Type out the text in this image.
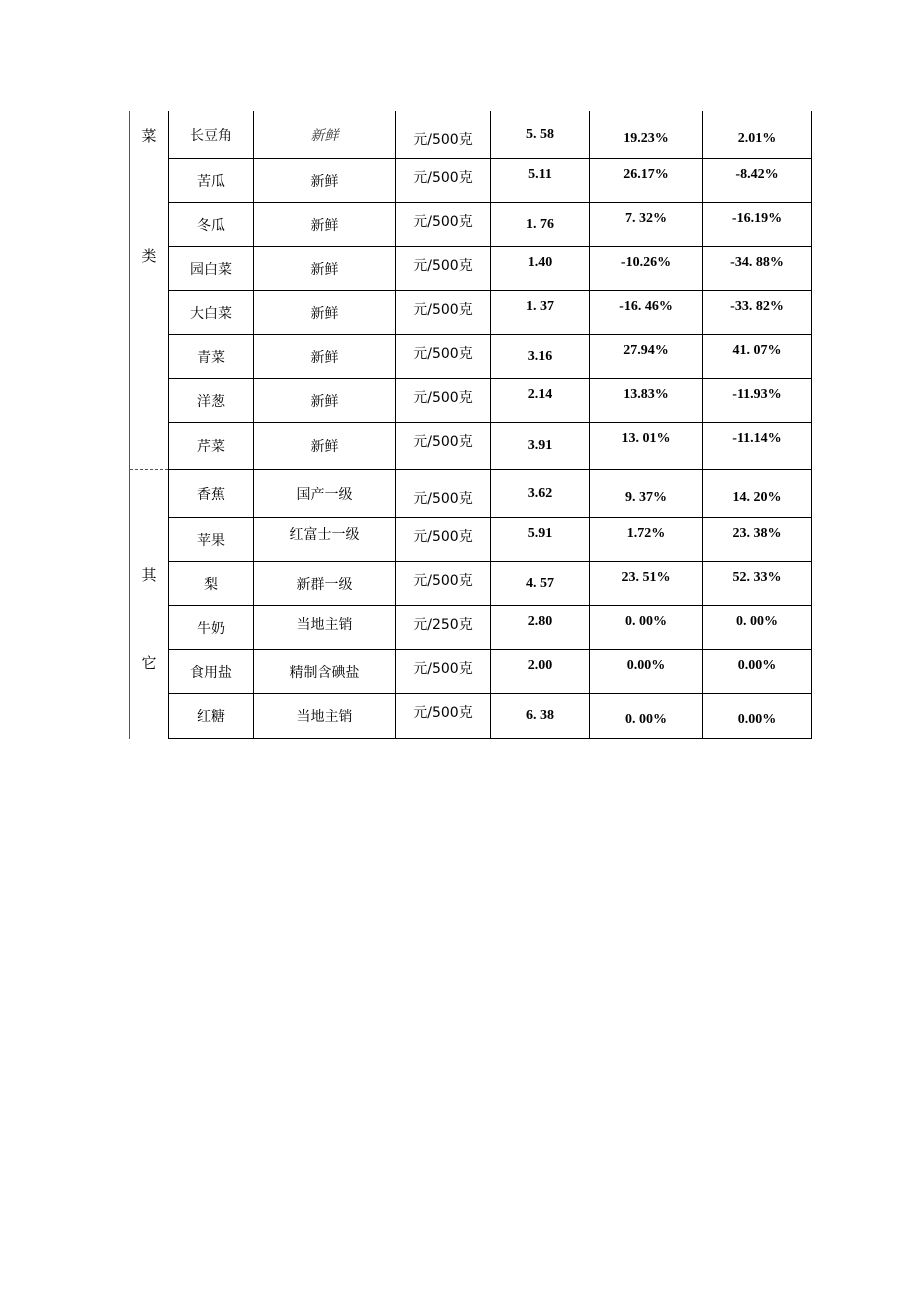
菜
类	长豆角	新鲜	元/500克	5. 58	19.23%	2.01%
	苦瓜	新鲜	元/500克	5.11	26.17%	-8.42%
	冬瓜	新鲜	元/500克	1. 76	7. 32%	-16.19%
	园白菜	新鲜	元/500克	1.40	-10.26%	-34. 88%
	大白菜	新鲜	元/500克	1. 37	-16. 46%	-33. 82%
	青菜	新鲜	元/500克	3.16	27.94%	41. 07%
	洋葱	新鲜	元/500克	2.14	13.83%	-11.93%
	芹菜	新鲜	元/500克	3.91	13. 01%	-11.14%

其
它	香蕉	国产一级	元/500克	3.62	9. 37%	14. 20%
	苹果	红富士一级	元/500克	5.91	1.72%	23. 38%
	梨	新群一级	元/500克	4. 57	23. 51%	52. 33%
	牛奶	当地主销	元/250克	2.80	0. 00%	0. 00%
	食用盐	精制含碘盐	元/500克	2.00	0.00%	0.00%
	红糖	当地主销	元/500克	6. 38	0. 00%	0.00%
